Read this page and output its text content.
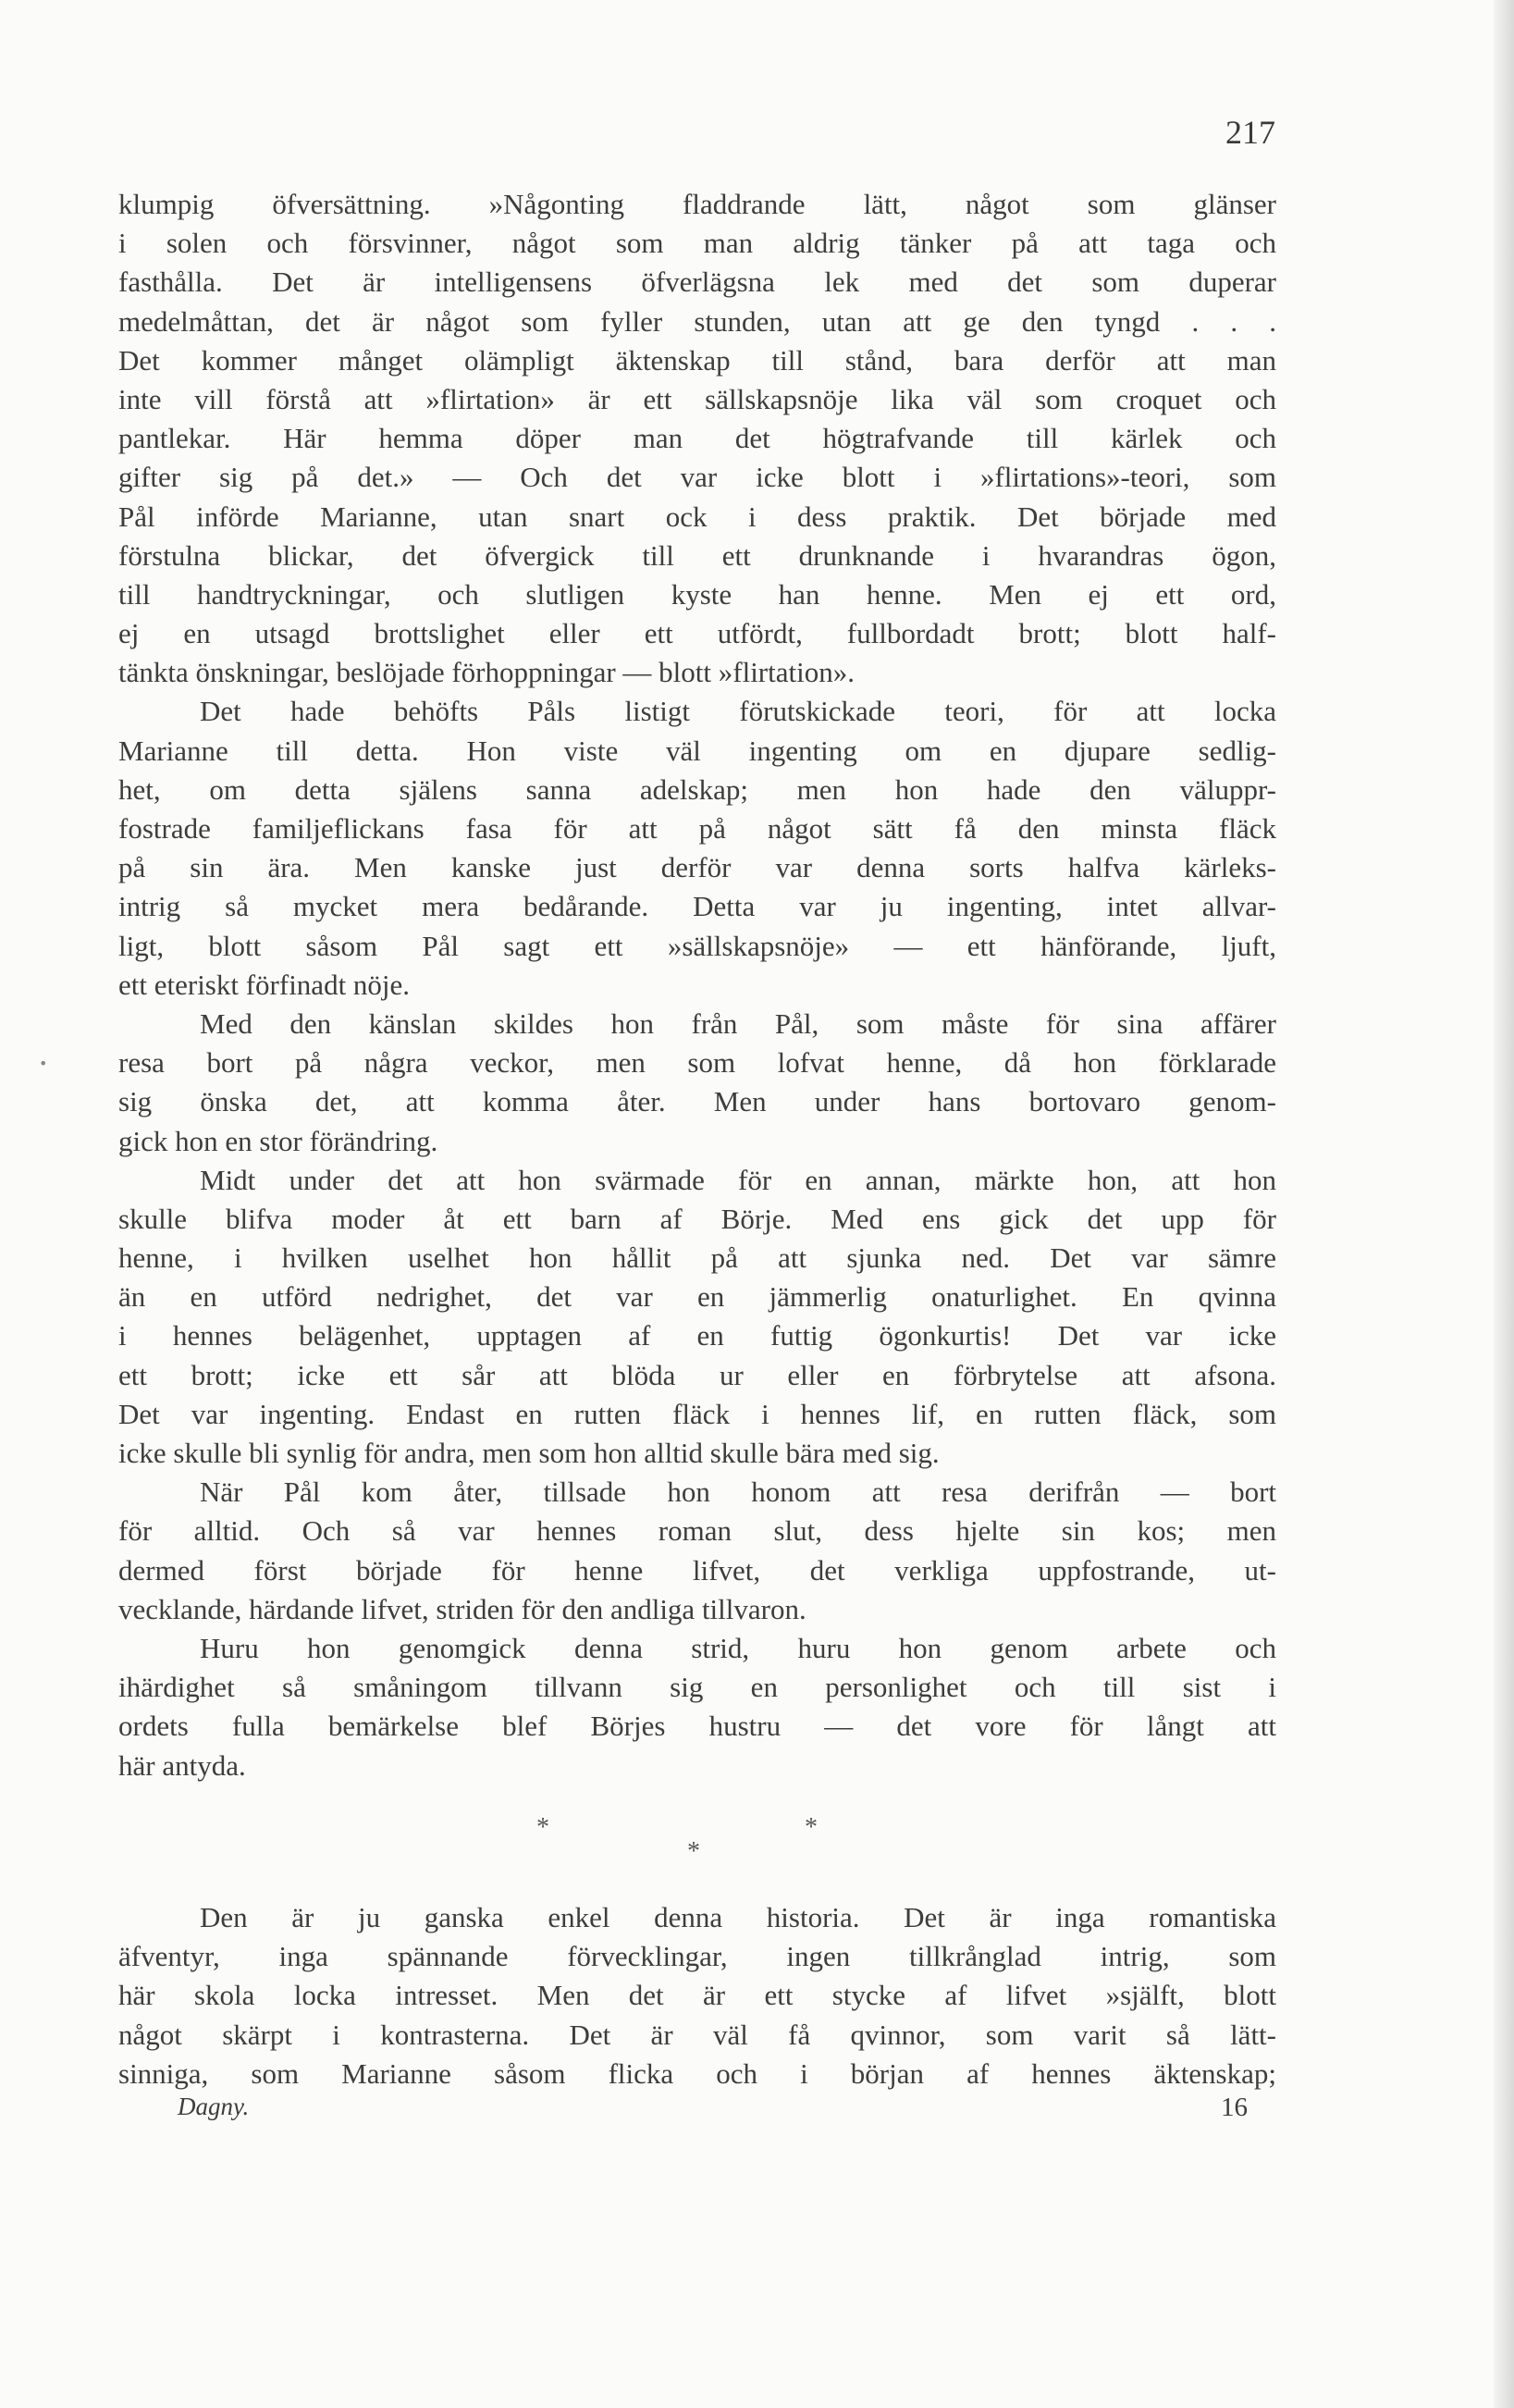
217
•
klumpig öfversättning. »Någonting fladdrande lätt, något som glänser
i solen och försvinner, något som man aldrig tänker på att taga och
fasthålla. Det är intelligensens öfverlägsna lek med det som duperar
medelmåttan, det är något som fyller stunden, utan att ge den tyngd . . .
Det kommer månget olämpligt äktenskap till stånd, bara derför att man
inte vill förstå att »flirtation» är ett sällskapsnöje lika väl som croquet och
pantlekar. Här hemma döper man det högtrafvande till kärlek och
gifter sig på det.» — Och det var icke blott i »flirtations»-teori, som
Pål införde Marianne, utan snart ock i dess praktik. Det började med
förstulna blickar, det öfvergick till ett drunknande i hvarandras ögon,
till handtryckningar, och slutligen kyste han henne. Men ej ett ord,
ej en utsagd brottslighet eller ett utfördt, fullbordadt brott; blott half-
tänkta önskningar, beslöjade förhoppningar — blott »flirtation».
Det hade behöfts Påls listigt förutskickade teori, för att locka
Marianne till detta. Hon viste väl ingenting om en djupare sedlig-
het, om detta själens sanna adelskap; men hon hade den väluppr-
fostrade familjeflickans fasa för att på något sätt få den minsta fläck
på sin ära. Men kanske just derför var denna sorts halfva kärleks-
intrig så mycket mera bedårande. Detta var ju ingenting, intet allvar-
ligt, blott såsom Pål sagt ett »sällskapsnöje» — ett hänförande, ljuft,
ett eteriskt förfinadt nöje.
Med den känslan skildes hon från Pål, som måste för sina affärer
resa bort på några veckor, men som lofvat henne, då hon förklarade
sig önska det, att komma åter. Men under hans bortovaro genom-
gick hon en stor förändring.
Midt under det att hon svärmade för en annan, märkte hon, att hon
skulle blifva moder åt ett barn af Börje. Med ens gick det upp för
henne, i hvilken uselhet hon hållit på att sjunka ned. Det var sämre
än en utförd nedrighet, det var en jämmerlig onaturlighet. En qvinna
i hennes belägenhet, upptagen af en futtig ögonkurtis! Det var icke
ett brott; icke ett sår att blöda ur eller en förbrytelse att afsona.
Det var ingenting. Endast en rutten fläck i hennes lif, en rutten fläck, som
icke skulle bli synlig för andra, men som hon alltid skulle bära med sig.
När Pål kom åter, tillsade hon honom att resa derifrån — bort
för alltid. Och så var hennes roman slut, dess hjelte sin kos; men
dermed först började för henne lifvet, det verkliga uppfostrande, ut-
vecklande, härdande lifvet, striden för den andliga tillvaron.
Huru hon genomgick denna strid, huru hon genom arbete och
ihärdighet så småningom tillvann sig en personlighet och till sist i
ordets fulla bemärkelse blef Börjes hustru — det vore för långt att
här antyda.
*
*
*
Den är ju ganska enkel denna historia. Det är inga romantiska
äfventyr, inga spännande förvecklingar, ingen tillkrånglad intrig, som
här skola locka intresset. Men det är ett stycke af lifvet »själft, blott
något skärpt i kontrasterna. Det är väl få qvinnor, som varit så lätt-
sinniga, som Marianne såsom flicka och i början af hennes äktenskap;
Dagny.	16
